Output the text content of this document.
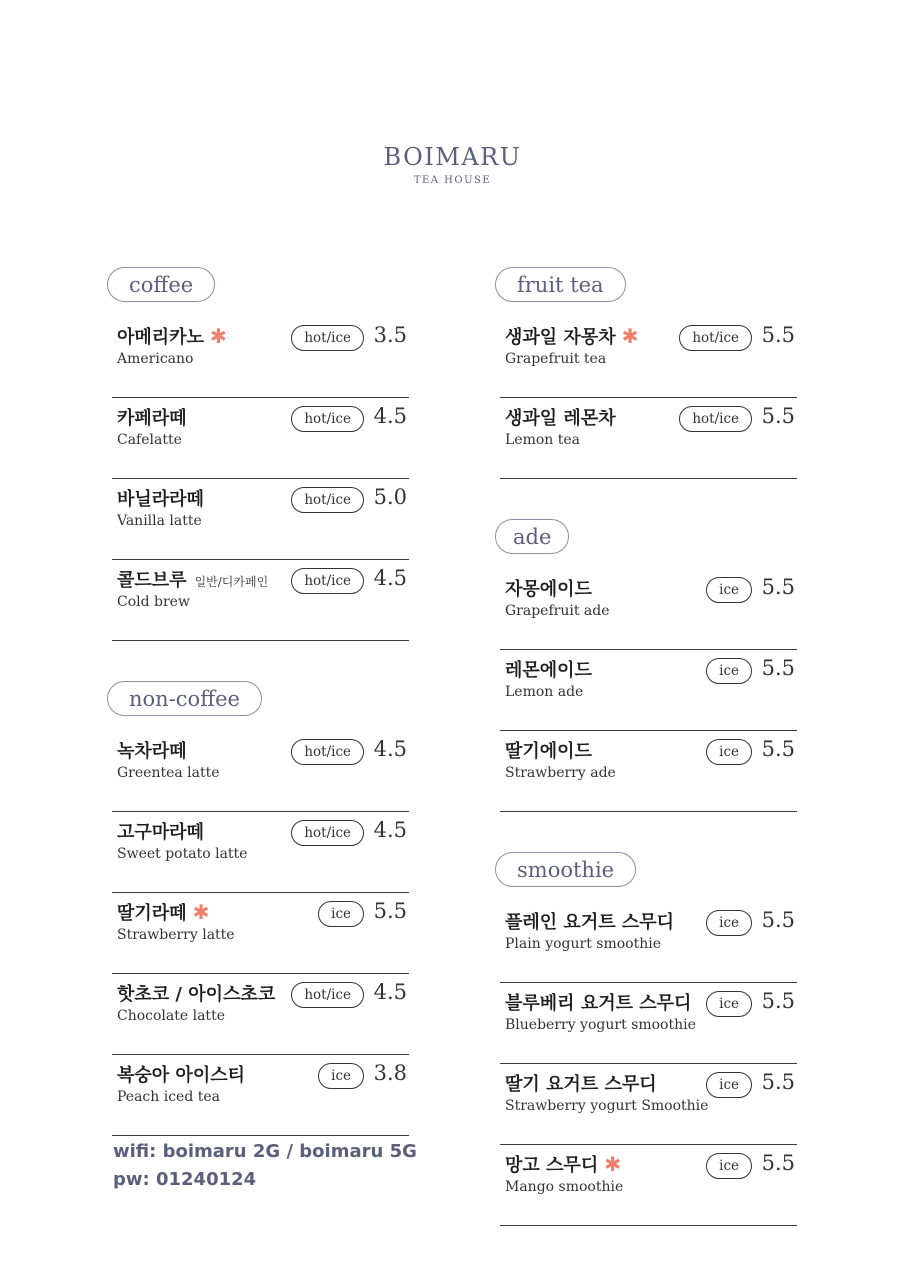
BOIMARU
TEA HOUSE
coffee
아메리카노 ✱
Americano
hot/ice	3.5
카페라떼
Cafelatte
hot/ice	4.5
바닐라라떼
Vanilla latte
hot/ice	5.0
콜드브루 일반/디카페인
Cold brew
hot/ice	4.5
non-coffee
녹차라떼
Greentea latte
hot/ice	4.5
고구마라떼
Sweet potato latte
hot/ice	4.5
딸기라떼 ✱
Strawberry latte
ice	5.5
핫초코 / 아이스초코
Chocolate latte
hot/ice	4.5
복숭아 아이스티
Peach iced tea
ice	3.8
fruit tea
생과일 자몽차 ✱
Grapefruit tea
hot/ice	5.5
생과일 레몬차
Lemon tea
hot/ice	5.5
ade
자몽에이드
Grapefruit ade
ice	5.5
레몬에이드
Lemon ade
ice	5.5
딸기에이드
Strawberry ade
ice	5.5
smoothie
플레인 요거트 스무디
Plain yogurt smoothie
ice	5.5
블루베리 요거트 스무디
Blueberry yogurt smoothie
ice	5.5
딸기 요거트 스무디
Strawberry yogurt Smoothie
ice	5.5
망고 스무디 ✱
Mango smoothie
ice	5.5
wifi: boimaru 2G / boimaru 5G
pw: 01240124
